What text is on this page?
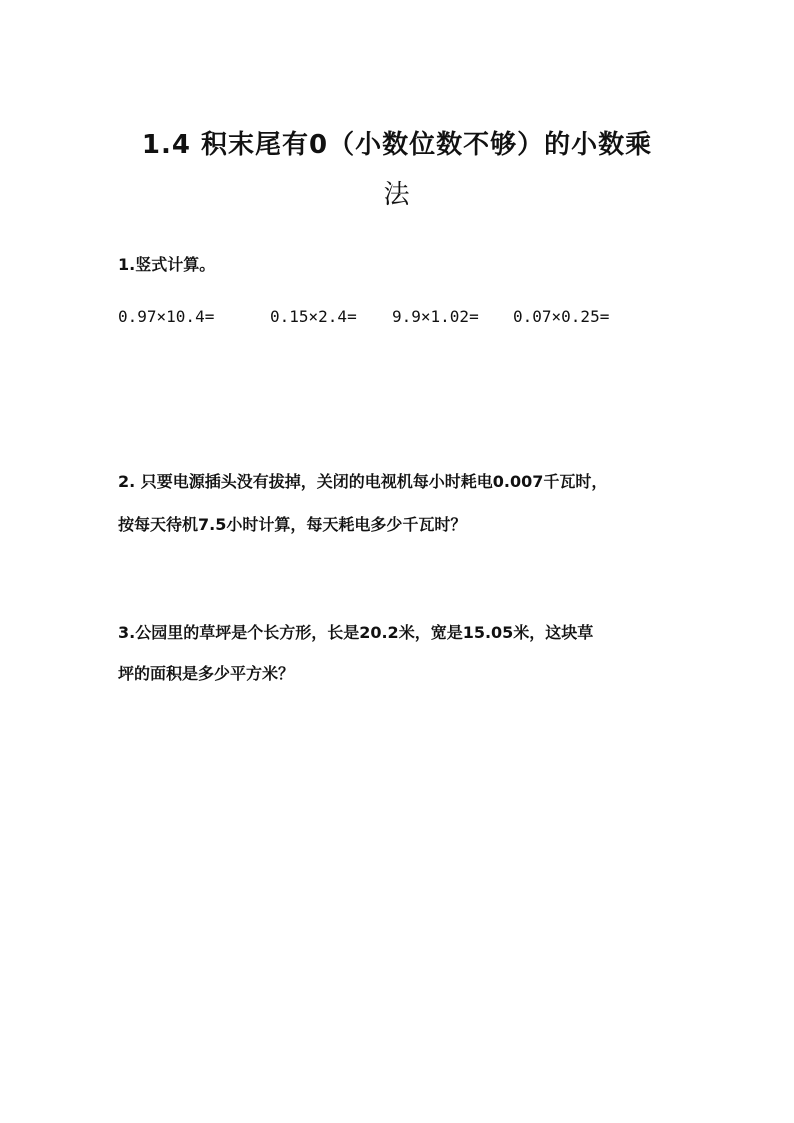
1.4 积末尾有0（小数位数不够）的小数乘
法
1.竖式计算。
0.97×10.4=	0.15×2.4= 9.9×1.02= 0.07×0.25=
2. 只要电源插头没有拔掉，关闭的电视机每小时耗电0.007千瓦时，
按每天待机7.5小时计算，每天耗电多少千瓦时？
3.公园里的草坪是个长方形，长是20.2米，宽是15.05米，这块草
坪的面积是多少平方米？
